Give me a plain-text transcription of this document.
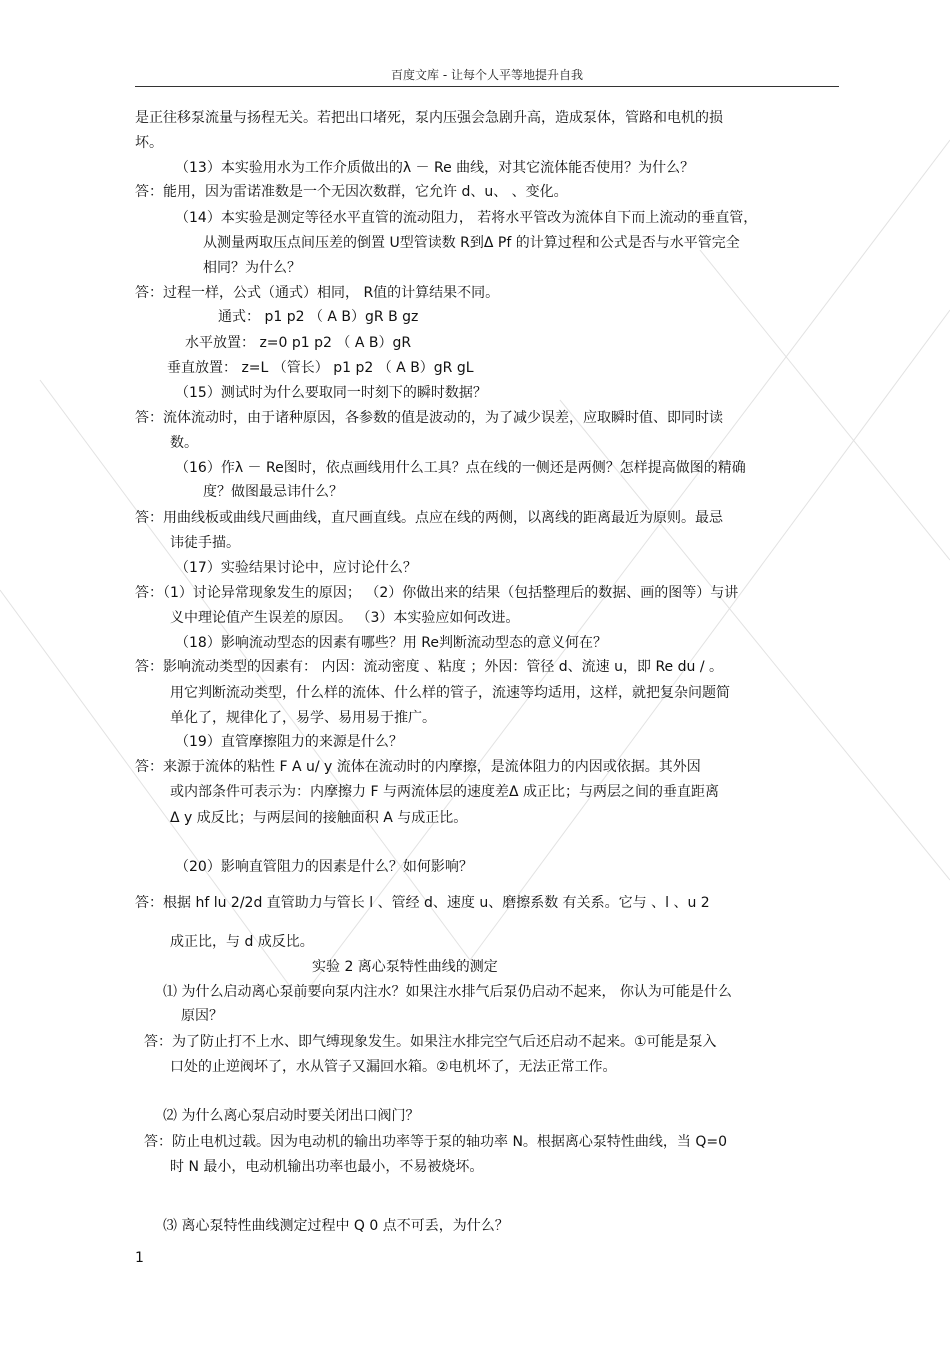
百度文库 - 让每个人平等地提升自我
是正往移泵流量与扬程无关。若把出口堵死，泵内压强会急剧升高，造成泵体，管路和电机的损
坏。
（13）本实验用水为工作介质做出的λ － Re 曲线，对其它流体能否使用？为什么？
答：能用，因为雷诺准数是一个无因次数群，它允许 d、u、 、变化。
（14）本实验是测定等径水平直管的流动阻力， 若将水平管改为流体自下而上流动的垂直管，
从测量两取压点间压差的倒置 U型管读数 R到Δ Pf 的计算过程和公式是否与水平管完全
相同？为什么？
答：过程一样，公式（通式）相同， R值的计算结果不同。
通式： p1 p2 （ A B）gR B gz
水平放置： z=0 p1 p2 （ A B）gR
垂直放置： z=L （管长） p1 p2 （ A B）gR gL
（15）测试时为什么要取同一时刻下的瞬时数据？
答：流体流动时，由于诸种原因，各参数的值是波动的，为了减少误差，应取瞬时值、即同时读
数。
（16）作λ － Re图时，依点画线用什么工具？点在线的一侧还是两侧？怎样提高做图的精确
度？做图最忌讳什么？
答：用曲线板或曲线尺画曲线，直尺画直线。点应在线的两侧，以离线的距离最近为原则。最忌
讳徒手描。
（17）实验结果讨论中，应讨论什么？
答：（1）讨论异常现象发生的原因； （2）你做出来的结果（包括整理后的数据、画的图等）与讲
义中理论值产生误差的原因。 （3）本实验应如何改进。
（18）影响流动型态的因素有哪些？用 Re判断流动型态的意义何在？
答：影响流动类型的因素有： 内因：流动密度 、粘度 ；外因：管径 d、流速 u，即 Re du / 。
用它判断流动类型，什么样的流体、什么样的管子，流速等均适用，这样，就把复杂问题简
单化了，规律化了，易学、易用易于推广。
（19）直管摩擦阻力的来源是什么？
答：来源于流体的粘性 F A u/ y 流体在流动时的内摩擦，是流体阻力的内因或依据。其外因
或内部条件可表示为：内摩擦力 F 与两流体层的速度差Δ 成正比；与两层之间的垂直距离
Δ y 成反比；与两层间的接触面积 A 与成正比。
（20）影响直管阻力的因素是什么？如何影响？
答：根据 hf lu 2/2d 直管助力与管长 l 、管经 d、速度 u、磨擦系数 有关系。它与 、l 、u 2
成正比，与 d 成反比。
实验 2 离心泵特性曲线的测定
⑴ 为什么启动离心泵前要向泵内注水？如果注水排气后泵仍启动不起来， 你认为可能是什么
原因？
答：为了防止打不上水、即气缚现象发生。如果注水排完空气后还启动不起来。①可能是泵入
口处的止逆阀坏了，水从管子又漏回水箱。②电机坏了，无法正常工作。
⑵ 为什么离心泵启动时要关闭出口阀门？
答：防止电机过载。因为电动机的输出功率等于泵的轴功率 N。根据离心泵特性曲线，当 Q=0
时 N 最小，电动机输出功率也最小，不易被烧坏。
⑶ 离心泵特性曲线测定过程中 Q 0 点不可丢，为什么？
1
